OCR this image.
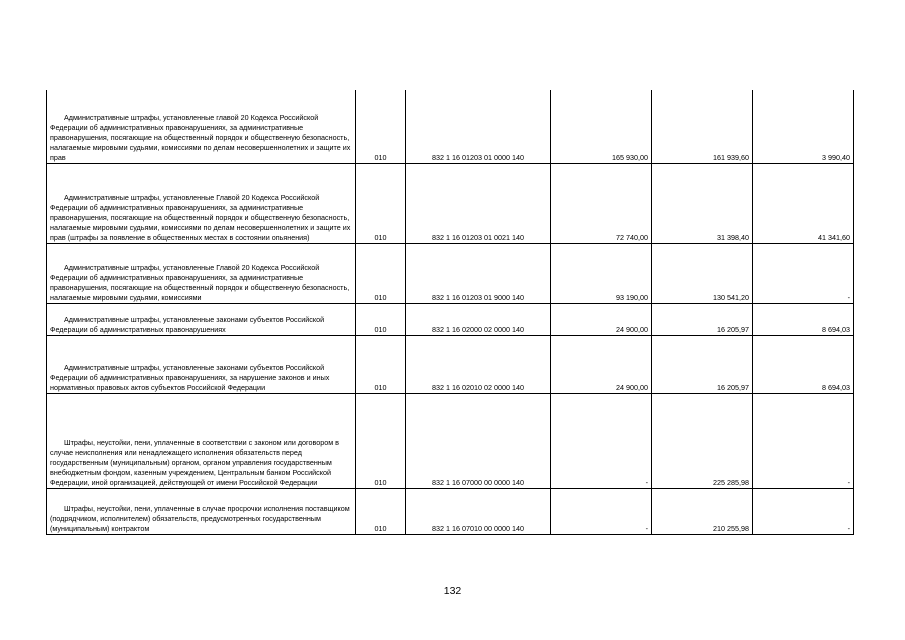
Административные штрафы, установленные главой 20 Кодекса Российской Федерации об административных правонарушениях, за административные правонарушения, посягающие на общественный порядок и общественную безопасность, налагаемые мировыми судьями, комиссиями по делам несовершеннолетних и защите их прав	010	832 1 16 01203 01 0000 140	165 930,00	161 939,60	3 990,40
Административные штрафы, установленные Главой 20 Кодекса Российской Федерации об административных правонарушениях, за административные правонарушения, посягающие на общественный порядок и общественную безопасность, налагаемые мировыми судьями, комиссиями по делам несовершеннолетних и защите их прав (штрафы за появление в общественных местах в состоянии опьянения)	010	832 1 16 01203 01 0021 140	72 740,00	31 398,40	41 341,60
Административные штрафы, установленные Главой 20 Кодекса Российской Федерации об административных правонарушениях, за административные правонарушения, посягающие на общественный порядок и общественную безопасность, налагаемые мировыми судьями, комиссиями	010	832 1 16 01203 01 9000 140	93 190,00	130 541,20	-
Административные штрафы, установленные законами субъектов Российской Федерации об административных правонарушениях	010	832 1 16 02000 02 0000 140	24 900,00	16 205,97	8 694,03
Административные штрафы, установленные законами субъектов Российской Федерации об административных правонарушениях, за нарушение законов и иных нормативных правовых актов субъектов Российской Федерации	010	832 1 16 02010 02 0000 140	24 900,00	16 205,97	8 694,03
Штрафы, неустойки, пени, уплаченные в соответствии с законом или договором в случае неисполнения или ненадлежащего исполнения обязательств перед государственным (муниципальным) органом, органом управления государственным внебюджетным фондом, казенным учреждением, Центральным банком Российской Федерации, иной организацией, действующей от имени Российской Федерации	010	832 1 16 07000 00 0000 140	-	225 285,98	-
Штрафы, неустойки, пени, уплаченные в случае просрочки исполнения поставщиком (подрядчиком, исполнителем) обязательств, предусмотренных государственным (муниципальным) контрактом	010	832 1 16 07010 00 0000 140	-	210 255,98	-
132
